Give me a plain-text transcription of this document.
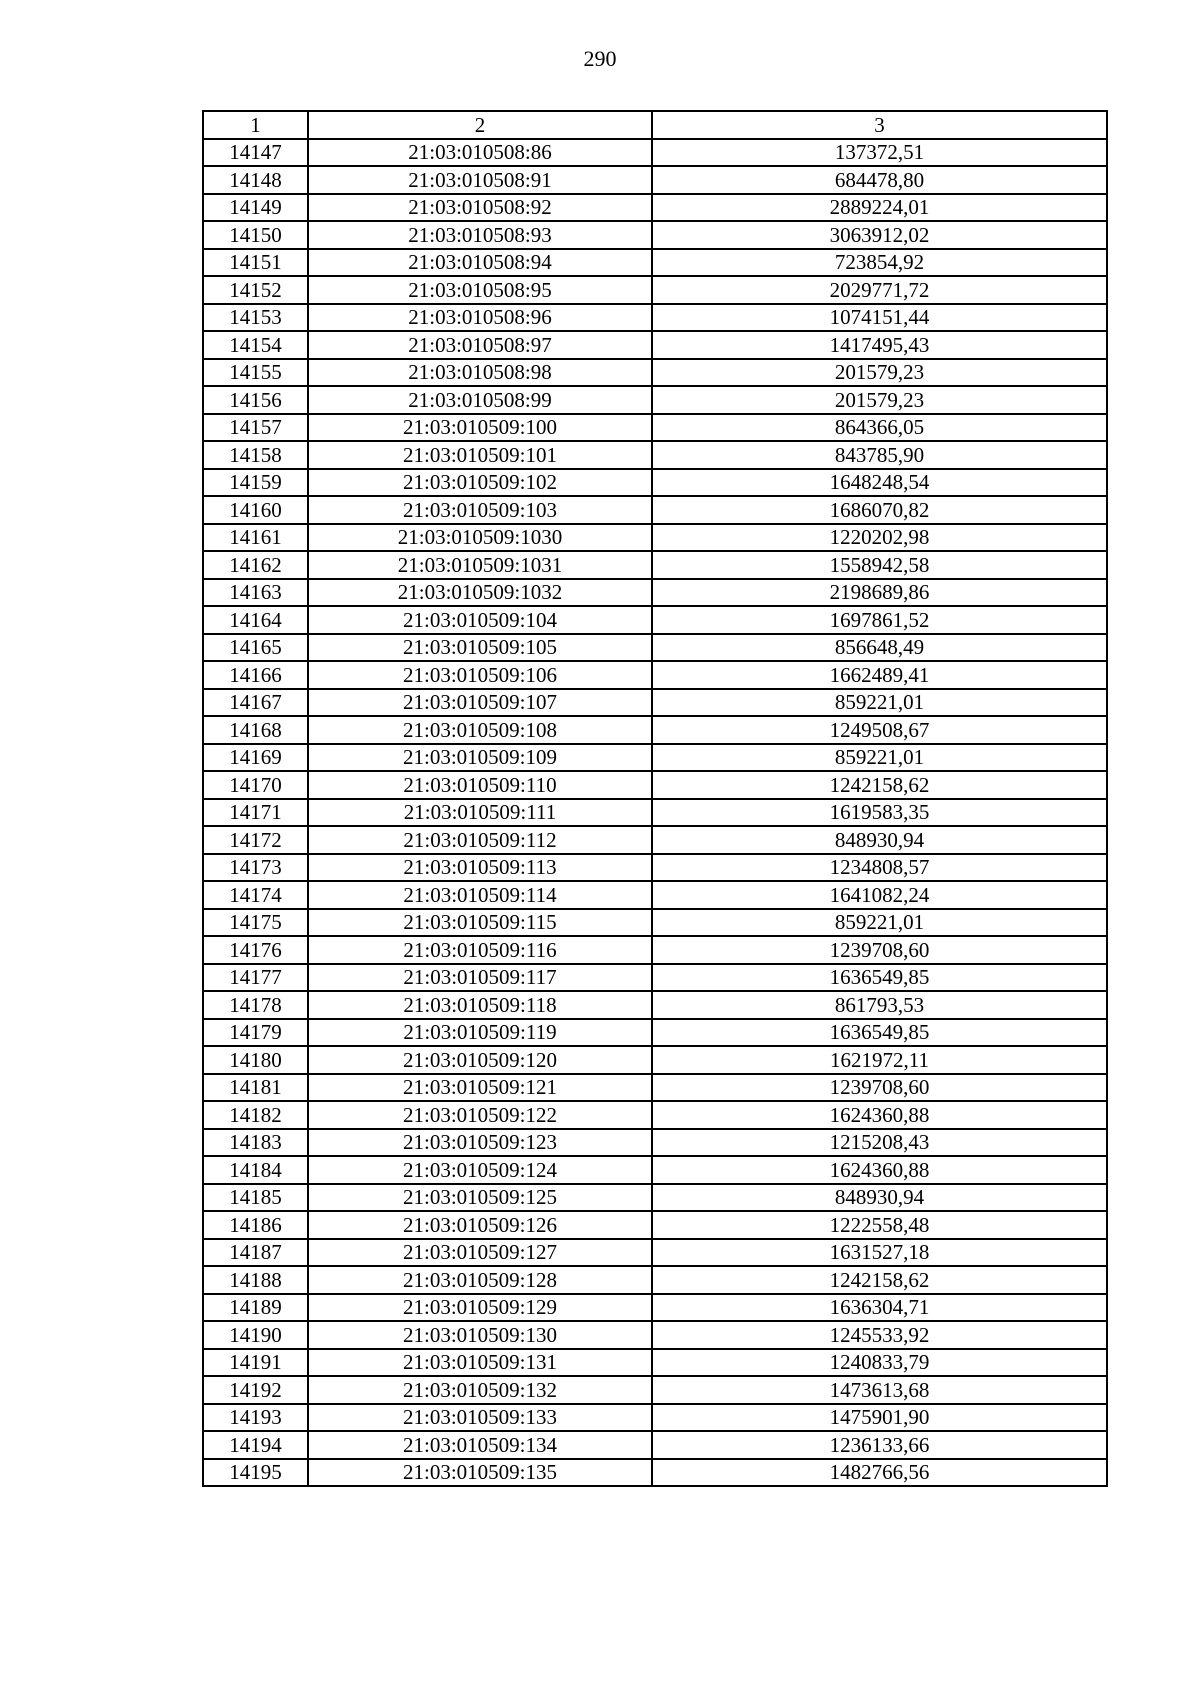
290
1	2	3
14147	21:03:010508:86	137372,51
14148	21:03:010508:91	684478,80
14149	21:03:010508:92	2889224,01
14150	21:03:010508:93	3063912,02
14151	21:03:010508:94	723854,92
14152	21:03:010508:95	2029771,72
14153	21:03:010508:96	1074151,44
14154	21:03:010508:97	1417495,43
14155	21:03:010508:98	201579,23
14156	21:03:010508:99	201579,23
14157	21:03:010509:100	864366,05
14158	21:03:010509:101	843785,90
14159	21:03:010509:102	1648248,54
14160	21:03:010509:103	1686070,82
14161	21:03:010509:1030	1220202,98
14162	21:03:010509:1031	1558942,58
14163	21:03:010509:1032	2198689,86
14164	21:03:010509:104	1697861,52
14165	21:03:010509:105	856648,49
14166	21:03:010509:106	1662489,41
14167	21:03:010509:107	859221,01
14168	21:03:010509:108	1249508,67
14169	21:03:010509:109	859221,01
14170	21:03:010509:110	1242158,62
14171	21:03:010509:111	1619583,35
14172	21:03:010509:112	848930,94
14173	21:03:010509:113	1234808,57
14174	21:03:010509:114	1641082,24
14175	21:03:010509:115	859221,01
14176	21:03:010509:116	1239708,60
14177	21:03:010509:117	1636549,85
14178	21:03:010509:118	861793,53
14179	21:03:010509:119	1636549,85
14180	21:03:010509:120	1621972,11
14181	21:03:010509:121	1239708,60
14182	21:03:010509:122	1624360,88
14183	21:03:010509:123	1215208,43
14184	21:03:010509:124	1624360,88
14185	21:03:010509:125	848930,94
14186	21:03:010509:126	1222558,48
14187	21:03:010509:127	1631527,18
14188	21:03:010509:128	1242158,62
14189	21:03:010509:129	1636304,71
14190	21:03:010509:130	1245533,92
14191	21:03:010509:131	1240833,79
14192	21:03:010509:132	1473613,68
14193	21:03:010509:133	1475901,90
14194	21:03:010509:134	1236133,66
14195	21:03:010509:135	1482766,56
